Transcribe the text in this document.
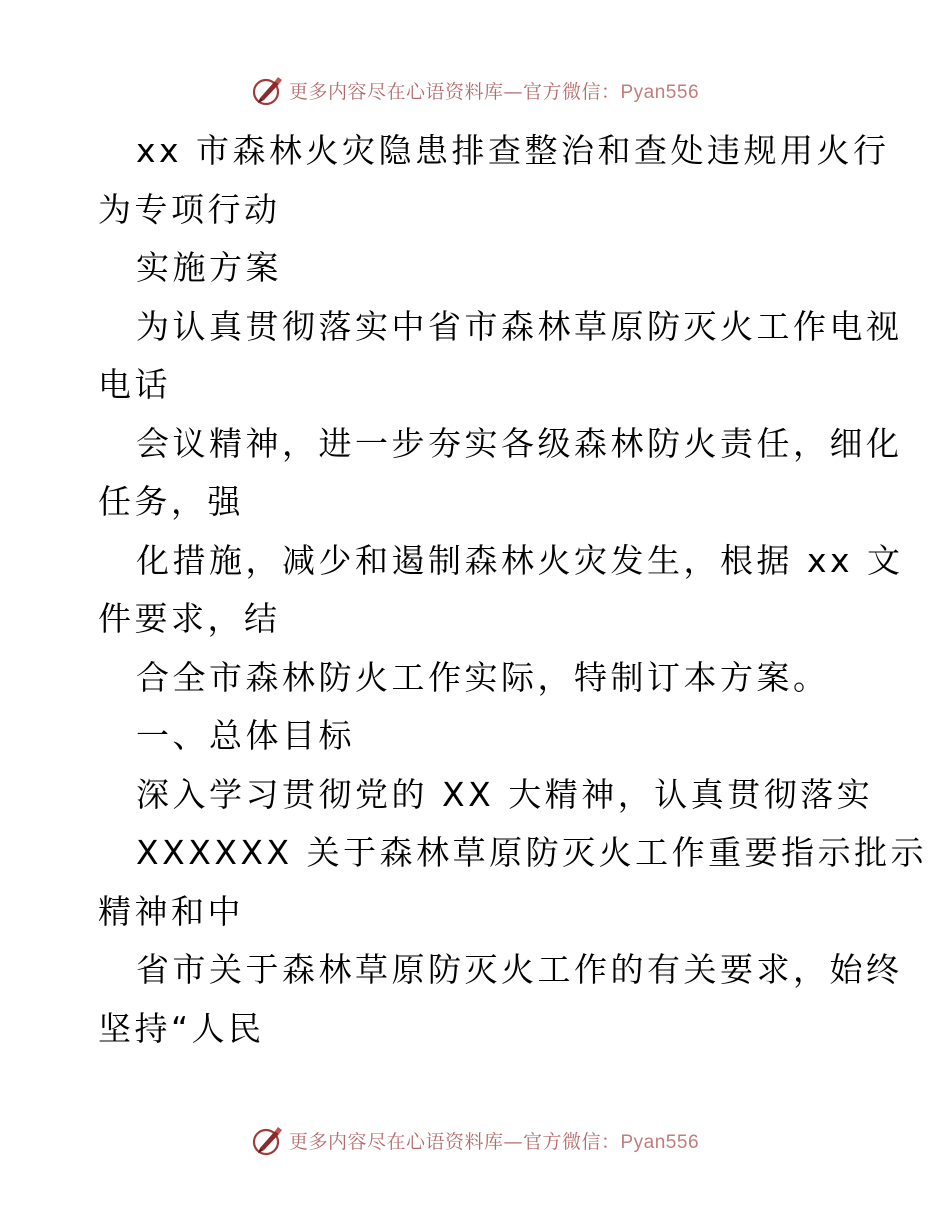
更多内容尽在心语资料库—官方微信：Pyan556
xx 市森林火灾隐患排查整治和查处违规用火行
为专项行动
实施方案
为认真贯彻落实中省市森林草原防灭火工作电视
电话
会议精神，进一步夯实各级森林防火责任，细化
任务，强
化措施，减少和遏制森林火灾发生，根据 xx 文
件要求，结
合全市森林防火工作实际，特制订本方案。
一、总体目标
深入学习贯彻党的 XX 大精神，认真贯彻落实
XXXXXX 关于森林草原防灭火工作重要指示批示
精神和中
省市关于森林草原防灭火工作的有关要求，始终
坚持“人民
更多内容尽在心语资料库—官方微信：Pyan556
